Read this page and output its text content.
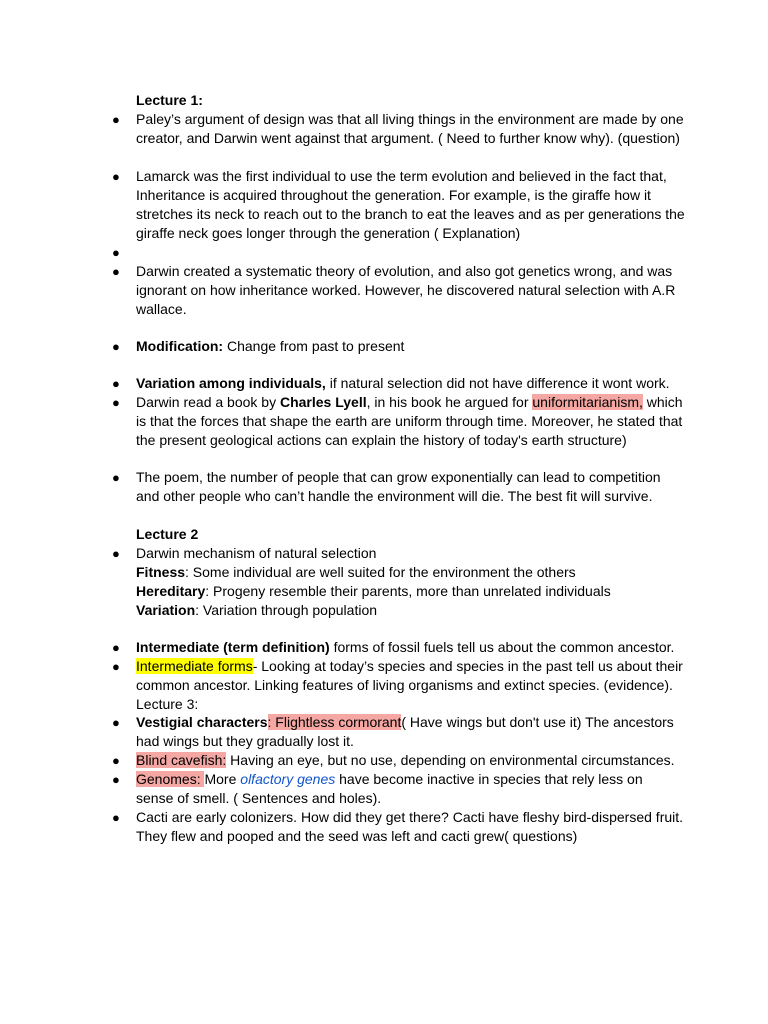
Lecture 1:
● Paley’s argument of design was that all living things in the environment are made by one
creator, and Darwin went against that argument. ( Need to further know why). (question)
● Lamarck was the first individual to use the term evolution and believed in the fact that,
Inheritance is acquired throughout the generation. For example, is the giraffe how it
stretches its neck to reach out to the branch to eat the leaves and as per generations the
giraffe neck goes longer through the generation ( Explanation)
●
● Darwin created a systematic theory of evolution, and also got genetics wrong, and was
ignorant on how inheritance worked. However, he discovered natural selection with A.R
wallace.
● Modification: Change from past to present
● Variation among individuals, if natural selection did not have difference it wont work.
● Darwin read a book by Charles Lyell, in his book he argued for uniformitarianism, which
is that the forces that shape the earth are uniform through time. Moreover, he stated that
the present geological actions can explain the history of today's earth structure)
● The poem, the number of people that can grow exponentially can lead to competition
and other people who can’t handle the environment will die. The best fit will survive.
Lecture 2
● Darwin mechanism of natural selection
Fitness: Some individual are well suited for the environment the others
Hereditary: Progeny resemble their parents, more than unrelated individuals
Variation: Variation through population
● Intermediate (term definition) forms of fossil fuels tell us about the common ancestor.
● Intermediate forms- Looking at today’s species and species in the past tell us about their
common ancestor. Linking features of living organisms and extinct species. (evidence).
Lecture 3:
● Vestigial characters: Flightless cormorant( Have wings but don't use it) The ancestors
had wings but they gradually lost it.
● Blind cavefish: Having an eye, but no use, depending on environmental circumstances.
● Genomes: More olfactory genes have become inactive in species that rely less on
sense of smell. ( Sentences and holes).
● Cacti are early colonizers. How did they get there? Cacti have fleshy bird-dispersed fruit.
They flew and pooped and the seed was left and cacti grew( questions)
